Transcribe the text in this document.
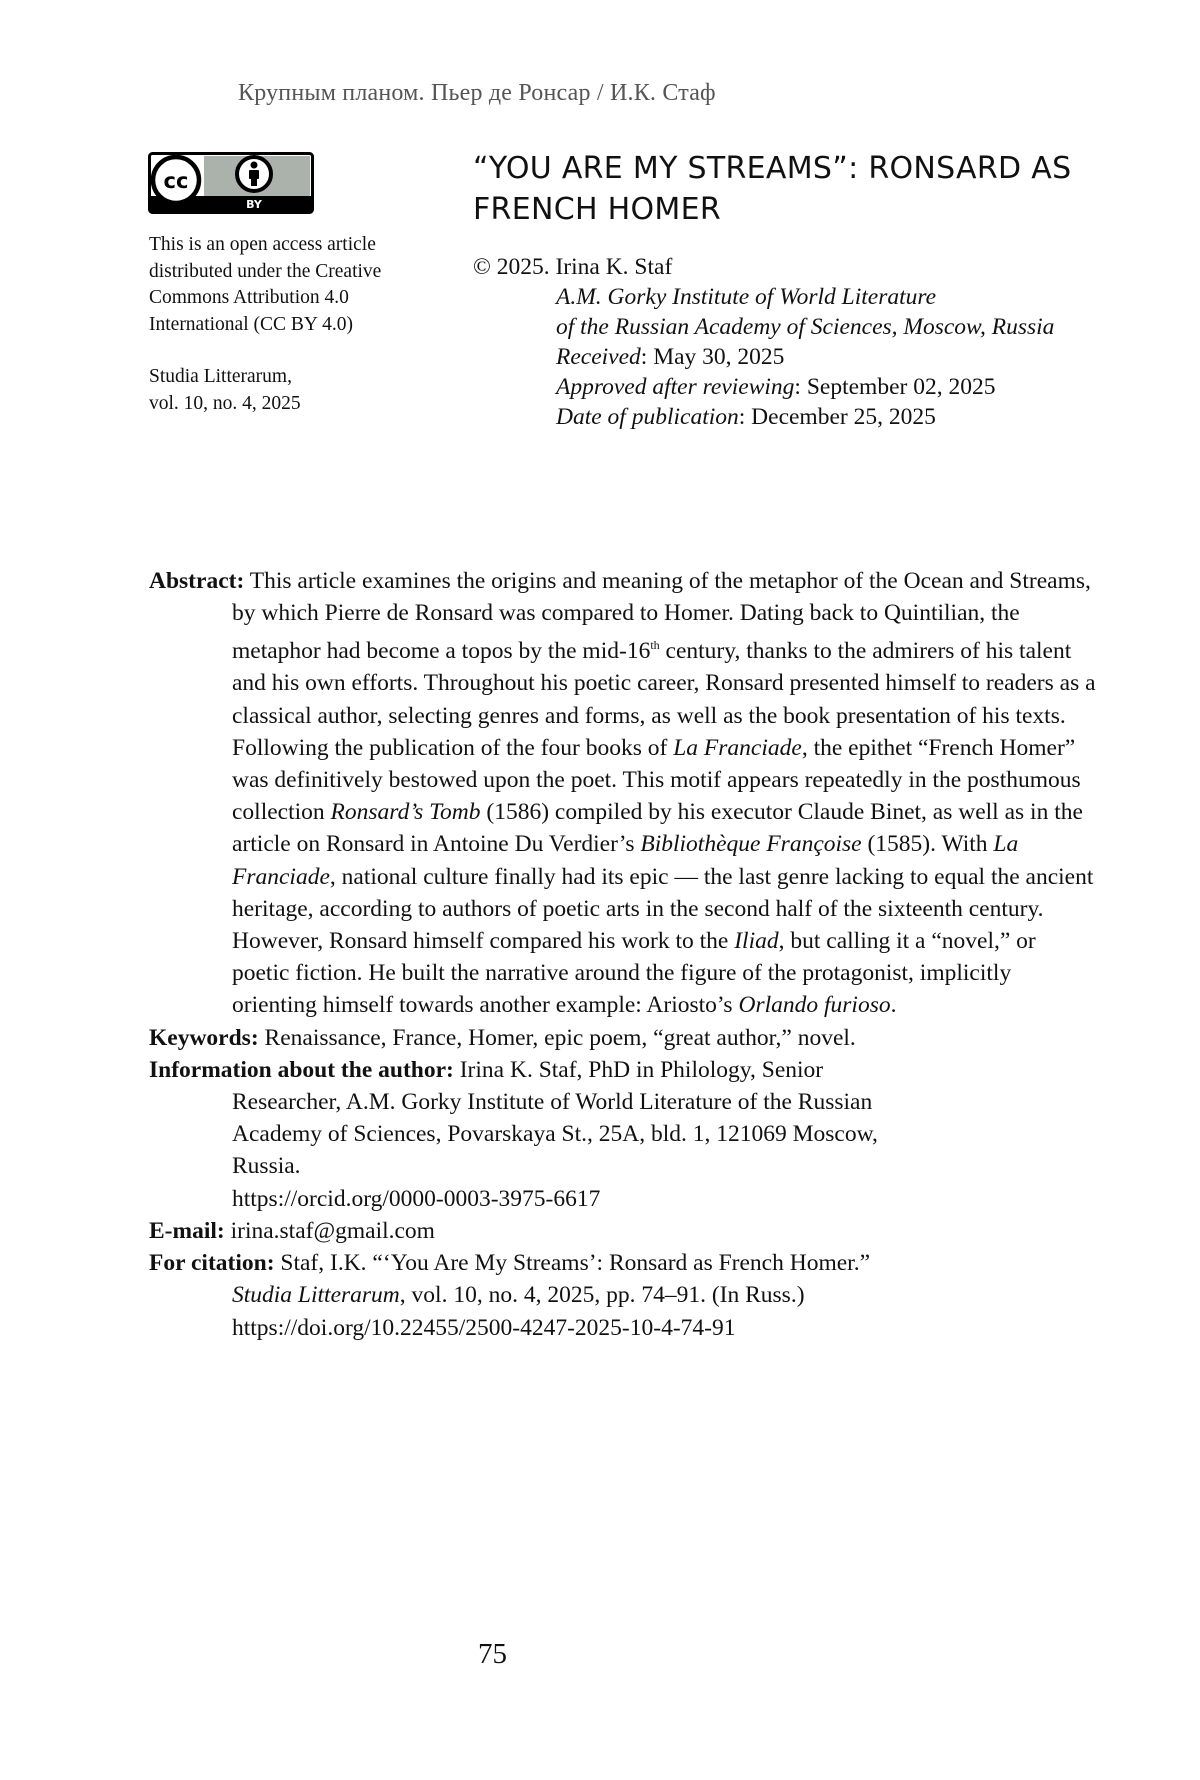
Крупным планом. Пьер де Ронсар / И.К. Стаф
cc
BY
This is an open access article
distributed under the Creative
Commons Attribution 4.0
International (CC BY 4.0)
Studia Litterarum,
vol. 10, no. 4, 2025
“YOU ARE MY STREAMS”: RONSARD AS
FRENCH HOMER
© 2025. Irina K. Staf
A.M. Gorky Institute of World Literature
of the Russian Academy of Sciences, Moscow, Russia
Received: May 30, 2025
Approved after reviewing: September 02, 2025
Date of publication: December 25, 2025

Abstract: This article examines the origins and meaning of the metaphor of the Ocean and Streams, by which Pierre de Ronsard was compared to Homer. Dating back to Quintilian, the metaphor had become a topos by the mid-16th century, thanks to the admirers of his talent and his own efforts. Throughout his poetic career, Ronsard presented himself to readers as a classical author, selecting genres and forms, as well as the book presentation of his texts. Following the publication of the four books of La Franciade, the epithet “French Homer” was definitively bestowed upon the poet. This motif appears repeatedly in the posthumous collection Ronsard’s Tomb (1586) compiled by his executor Claude Binet, as well as in the article on Ronsard in Antoine Du Verdier’s Bibliothèque Françoise (1585). With La Franciade, national culture finally had its epic — the last genre lacking to equal the ancient heritage, according to authors of poetic arts in the second half of the sixteenth century. However, Ronsard himself compared his work to the Iliad, but calling it a “novel,” or poetic fiction. He built the narrative around the figure of the protagonist, implicitly orienting himself towards another example: Ariosto’s Orlando furioso.

Keywords: Renaissance, France, Homer, epic poem, “great author,” novel.

Information about the author: Irina K. Staf, PhD in Philology, Senior Researcher, A.M. Gorky Institute of World Literature of the Russian Academy of Sciences, Povarskaya St., 25A, bld. 1, 121069 Moscow, Russia.
https://orcid.org/0000-0003-3975-6617

E-mail: irina.staf@gmail.com

For citation: Staf, I.K. “‘You Are My Streams’: Ronsard as French Homer.”
Studia Litterarum, vol. 10, no. 4, 2025, pp. 74–91. (In Russ.)
https://doi.org/10.22455/2500-4247-2025-10-4-74-91

75
